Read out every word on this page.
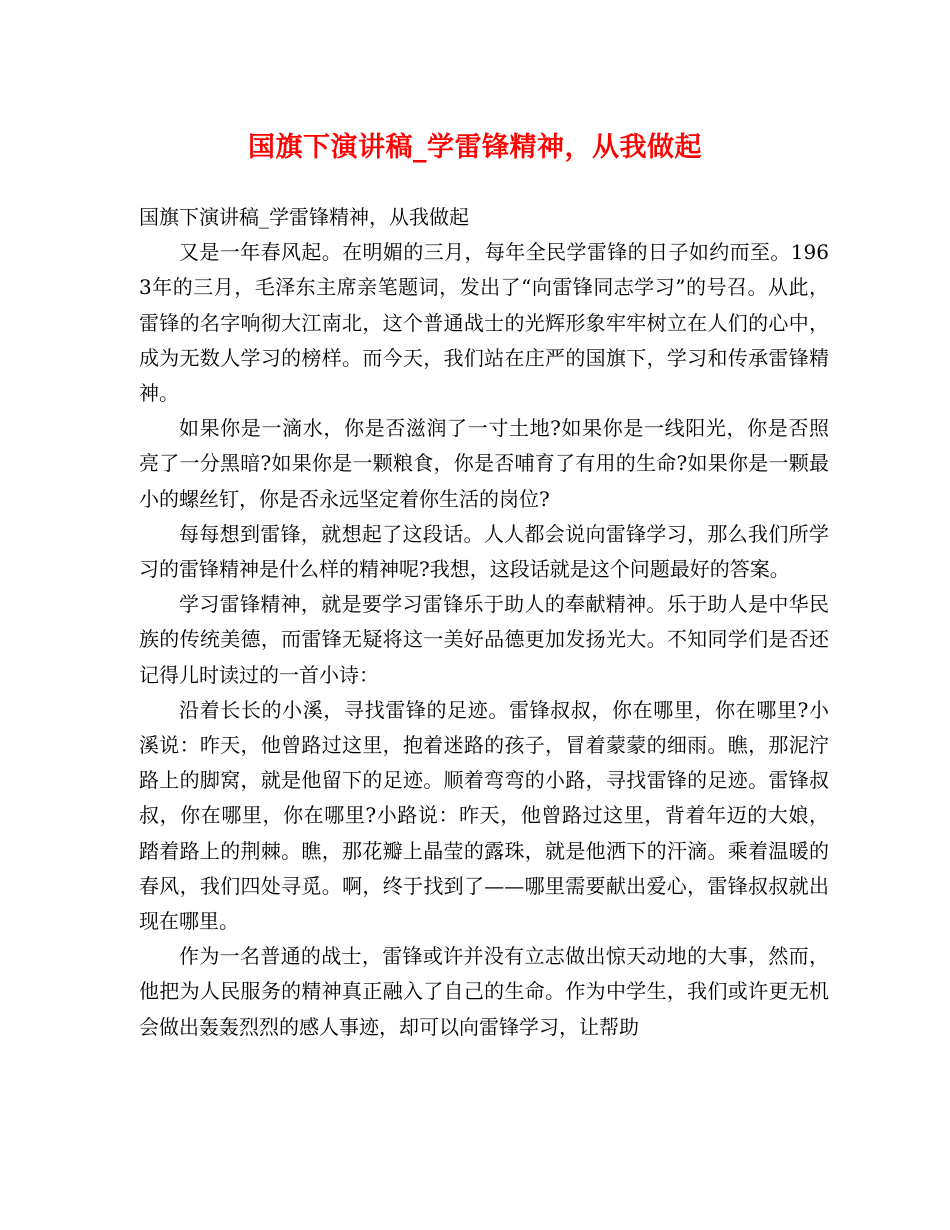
国旗下演讲稿_学雷锋精神，从我做起

国旗下演讲稿_学雷锋精神，从我做起

又是一年春风起。在明媚的三月，每年全民学雷锋的日子如约而至。1963年的三月，毛泽东主席亲笔题词，发出了“向雷锋同志学习”的号召。从此，雷锋的名字响彻大江南北，这个普通战士的光辉形象牢牢树立在人们的心中，成为无数人学习的榜样。而今天，我们站在庄严的国旗下，学习和传承雷锋精神。

如果你是一滴水，你是否滋润了一寸土地?如果你是一线阳光，你是否照亮了一分黑暗?如果你是一颗粮食，你是否哺育了有用的生命?如果你是一颗最小的螺丝钉，你是否永远坚定着你生活的岗位?

每每想到雷锋，就想起了这段话。人人都会说向雷锋学习，那么我们所学习的雷锋精神是什么样的精神呢?我想，这段话就是这个问题最好的答案。

学习雷锋精神，就是要学习雷锋乐于助人的奉献精神。乐于助人是中华民族的传统美德，而雷锋无疑将这一美好品德更加发扬光大。不知同学们是否还记得儿时读过的一首小诗：

沿着长长的小溪，寻找雷锋的足迹。雷锋叔叔，你在哪里，你在哪里?小溪说：昨天，他曾路过这里，抱着迷路的孩子，冒着蒙蒙的细雨。瞧，那泥泞路上的脚窝，就是他留下的足迹。顺着弯弯的小路，寻找雷锋的足迹。雷锋叔叔，你在哪里，你在哪里?小路说：昨天，他曾路过这里，背着年迈的大娘，踏着路上的荆棘。瞧，那花瓣上晶莹的露珠，就是他洒下的汗滴。乘着温暖的春风，我们四处寻觅。啊，终于找到了——哪里需要献出爱心，雷锋叔叔就出现在哪里。

作为一名普通的战士，雷锋或许并没有立志做出惊天动地的大事，然而，他把为人民服务的精神真正融入了自己的生命。作为中学生，我们或许更无机会做出轰轰烈烈的感人事迹，却可以向雷锋学习，让帮助
